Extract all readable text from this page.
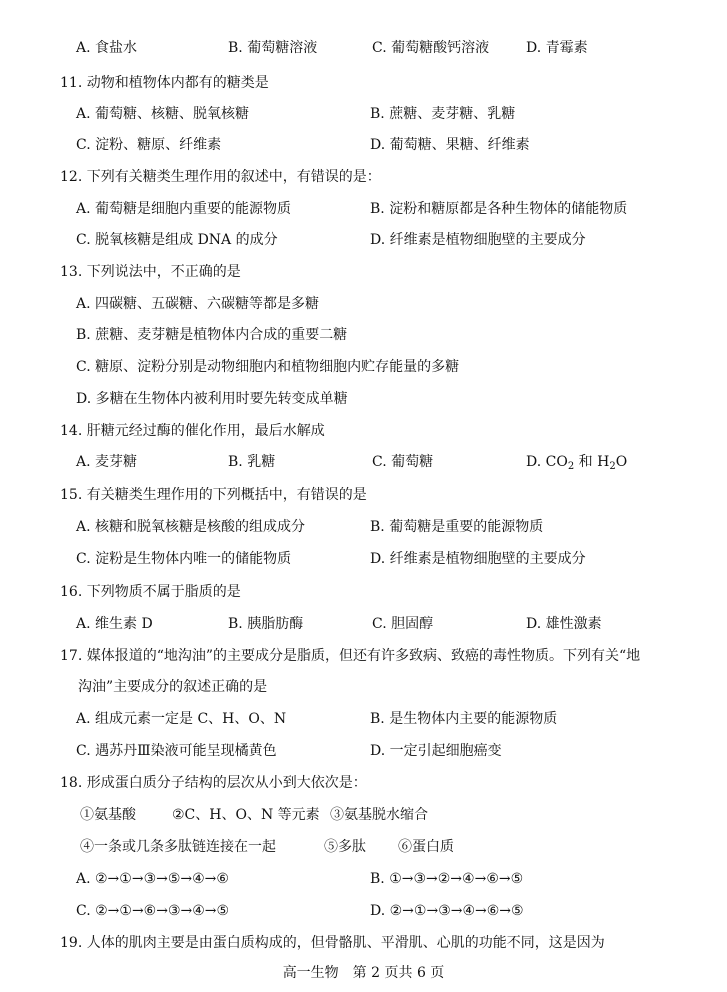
A. 食盐水	B. 葡萄糖溶液	C. 葡萄糖酸钙溶液	D. 青霉素
11. 动物和植物体内都有的糖类是
A. 葡萄糖、核糖、脱氧核糖	B. 蔗糖、麦芽糖、乳糖
C. 淀粉、糖原、纤维素	D. 葡萄糖、果糖、纤维素
12. 下列有关糖类生理作用的叙述中，有错误的是：
A. 葡萄糖是细胞内重要的能源物质	B. 淀粉和糖原都是各种生物体的储能物质
C. 脱氧核糖是组成 DNA 的成分	D. 纤维素是植物细胞壁的主要成分
13. 下列说法中，不正确的是
A. 四碳糖、五碳糖、六碳糖等都是多糖
B. 蔗糖、麦芽糖是植物体内合成的重要二糖
C. 糖原、淀粉分别是动物细胞内和植物细胞内贮存能量的多糖
D. 多糖在生物体内被利用时要先转变成单糖
14. 肝糖元经过酶的催化作用，最后水解成
A. 麦芽糖	B. 乳糖	C. 葡萄糖	D. $CO_2$ 和 $H_2O$
15. 有关糖类生理作用的下列概括中，有错误的是
A. 核糖和脱氧核糖是核酸的组成成分	B. 葡萄糖是重要的能源物质
C. 淀粉是生物体内唯一的储能物质	D. 纤维素是植物细胞壁的主要成分
16. 下列物质不属于脂质的是
A. 维生素 D	B. 胰脂肪酶	C. 胆固醇	D. 雄性激素
17. 媒体报道的“地沟油”的主要成分是脂质，但还有许多致病、致癌的毒性物质。下列有关“地
沟油”主要成分的叙述正确的是
A. 组成元素一定是 C、H、O、N	B. 是生物体内主要的能源物质
C. 遇苏丹Ⅲ染液可能呈现橘黄色	D. 一定引起细胞癌变
18. 形成蛋白质分子结构的层次从小到大依次是：
①氨基酸	②C、H、O、N 等元素 ③氨基脱水缩合
④一条或几条多肽链连接在一起	⑤多肽 ⑥蛋白质
A. ②→①→③→⑤→④→⑥	B. ①→③→②→④→⑥→⑤
C. ②→①→⑥→③→④→⑤	D. ②→①→③→④→⑥→⑤
19. 人体的肌肉主要是由蛋白质构成的，但骨骼肌、平滑肌、心肌的功能不同，这是因为
高一生物　第 2 页共 6 页
